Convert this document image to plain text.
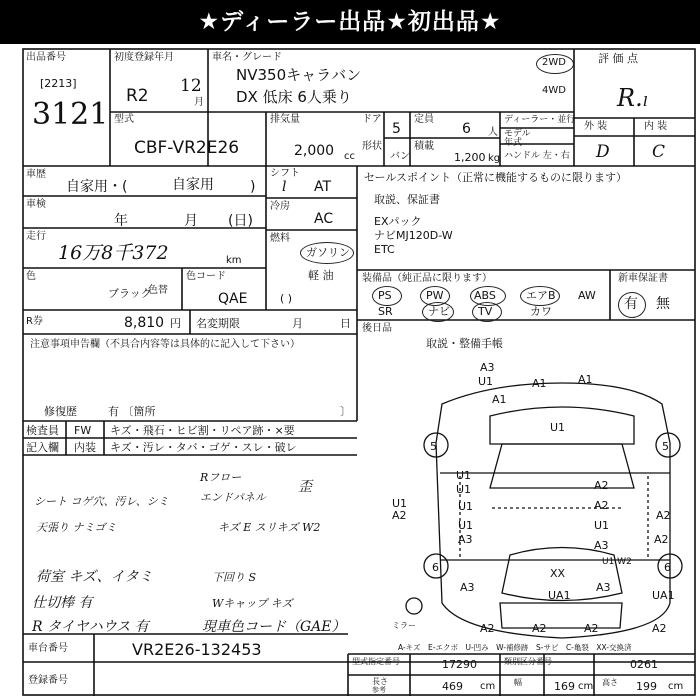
★ディーラー出品★初出品★
出品番号
[2213]
3121
初度登録年月
R2 12
月
車名・グレード
NV350キャラバン
DX 低床 6人乗り
2WD
4WD
評 価 点
R.ₗ
外 装	内 装
D C
型式
CBF-VR2E26
排気量
2,000 cc
ドア
5
定員
6 人
形状
バン
積載
1,200 kg
ディーラー・並行
モデル
年式
ハンドル 左・右
車歴
自家用・(	自家用	)
シフト
l AT
車検
年	月 (日)
冷房
AC
走行
16万8千372	km
燃料
ガソリン
軽 油
( )
色
ブラック
色替
色コード
QAE
R券	8,810 円 名変期限	月	日
セールスポイント（正常に機能するものに限ります）
取説、保証書
EXパック
ナビMJ120D-W
ETC
装備品（純正品に限ります）	新車保証書
PS	PW	ABS	エアB AW
SR	ナビ	TV	カワ	有 無
後日品
取説・整備手帳
注意事項申告欄（不具合内容等は具体的に記入して下さい）
修復歴	有 〔箇所	〕
検査員 FW キズ・飛石・ヒビ割・リペア跡・×要
記入欄 内装 キズ・汚レ・タバ・ゴゲ・スレ・破レ
Rフロー
エンドパネル
歪
シート コゲ穴、汚レ、シミ
天張り ナミゴミ	キズ E スリキズ W2
荷室 キズ、イタミ	下回り S
仕切棒 有	Wキャップ キズ
R タイヤハウス 有	現車色コード（GAE）
A3
U1	A1	A1
A1
U1
5	5
U1
U1	A2
U1	U1
A2
A2
U1
A2
A3
U1
A3
6	6
XX
UA1
A3	A3
A2	A2	A2	A2
UA1
A2
U1 W2
ミラー
A-キズ　E-エクボ　U-凹み　W-補修跡　S-サビ　C-亀裂　XX-交換済
車台番号	VR2E26-132453
登録番号
型式指定番号	17290	類別区分番号	0261
長さ
参考	469 cm 幅	169 cm 高さ 199 cm
